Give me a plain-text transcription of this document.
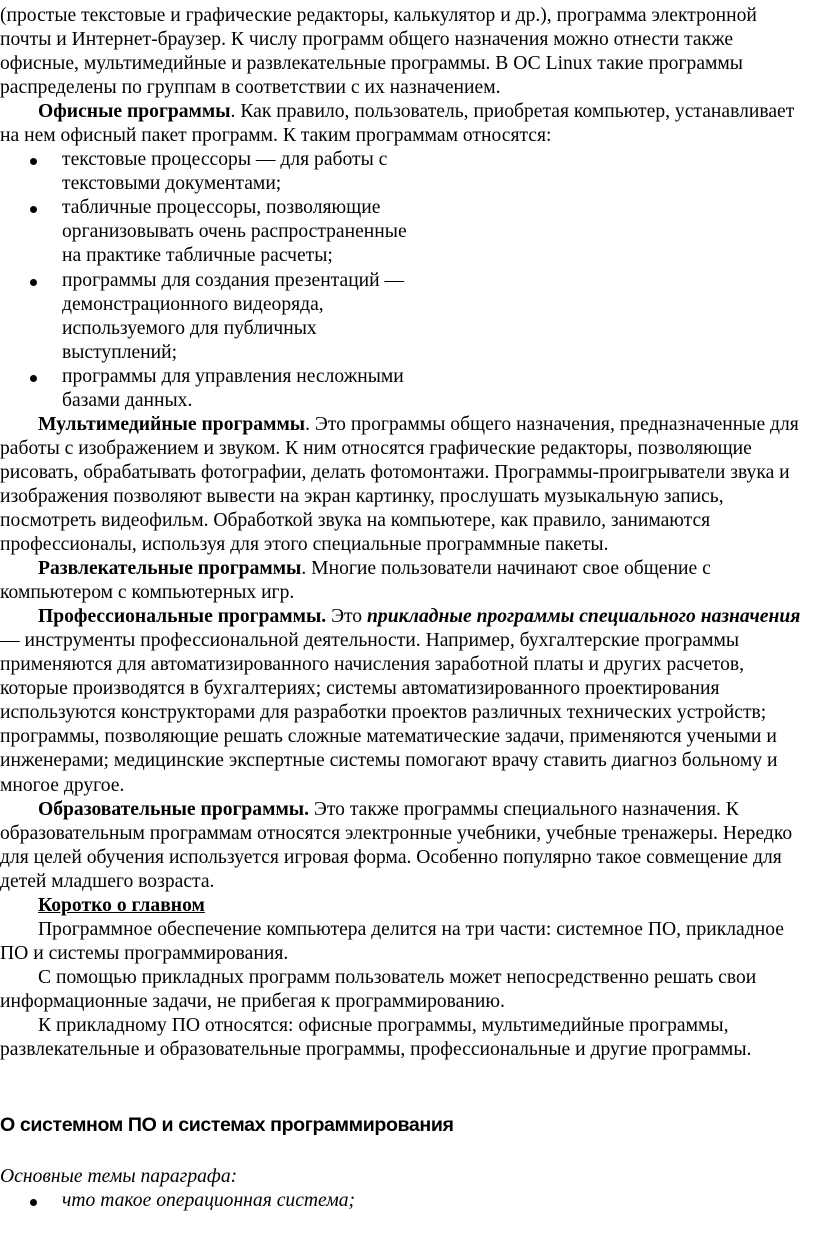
(простые текстовые и графические редакторы, калькулятор и др.), программа электронной почты и Интернет-браузер. К числу программ общего назначения можно отнести также офисные, мультимедийные и развлекательные программы. В ОС Linux такие программы распределены по группам в соответствии с их назначением.

Офисные программы. Как правило, пользователь, приобретая компьютер, устанавливает на нем офисный пакет программ. К таким программам относятся:

текстовые процессоры — для работы с текстовыми документами;
табличные процессоры, позволяющие организовывать очень распространенные на практике табличные расчеты;
программы для создания презентаций — демонстрационного видеоряда, используемого для публичных выступлений;
программы для управления несложными базами данных.

Мультимедийные программы. Это программы общего назначения, предназначенные для работы с изображением и звуком. К ним относятся графические редакторы, позволяющие рисовать, обрабатывать фотографии, делать фотомонтажи. Программы-проигрыватели звука и изображения позволяют вывести на экран картинку, прослушать музыкальную запись, посмотреть видеофильм. Обработкой звука на компьютере, как правило, занимаются профессионалы, используя для этого специальные программные пакеты.

Развлекательные программы. Многие пользователи начинают свое общение с компьютером с компьютерных игр.

Профессиональные программы. Это прикладные программы специального назначения — инструменты профессиональной деятельности. Например, бухгалтерские программы применяются для автоматизированного начисления заработной платы и других расчетов, которые производятся в бухгалтериях; системы автоматизированного проектирования используются конструкторами для разработки проектов различных технических устройств; программы, позволяющие решать сложные математические задачи, применяются учеными и инженерами; медицинские экспертные системы помогают врачу ставить диагноз больному и многое другое.

Образовательные программы. Это также программы специального назначения. К образовательным программам относятся электронные учебники, учебные тренажеры. Нередко для целей обучения используется игровая форма. Особенно популярно такое совмещение для детей младшего возраста.

Коротко о главном

Программное обеспечение компьютера делится на три части: системное ПО, прикладное ПО и системы программирования.

С помощью прикладных программ пользователь может непосредственно решать свои информационные задачи, не прибегая к программированию.

К прикладному ПО относятся: офисные программы, мультимедийные программы, развлекательные и образовательные программы, профессиональные и другие программы.

О системном ПО и системах программирования

Основные темы параграфа:

что такое операционная система;
